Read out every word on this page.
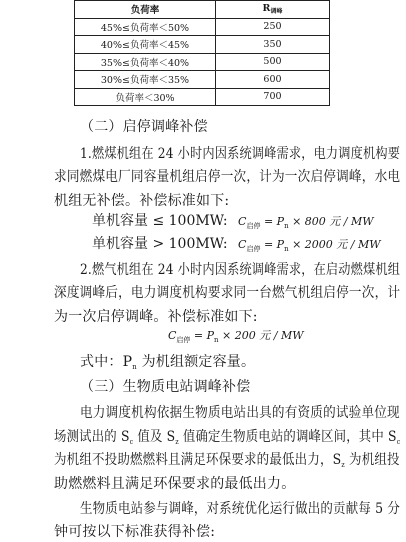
负荷率	$R_{调峰}$
45%≤负荷率＜50%	250
40%≤负荷率＜45%	350
35%≤负荷率＜40%	500
30%≤负荷率＜35%	600
负荷率＜30%	700
（二）启停调峰补偿
1.燃煤机组在 24 小时内因系统调峰需求，电力调度机构要
求同燃煤电厂同容量机组启停一次，计为一次启停调峰，水电
机组无补偿。补偿标准如下:
单机容量 ≤ 100MW: $C_{启停} = P_n \times 800$ 元 / MW
单机容量 > 100MW: $C_{启停} = P_n \times 2000$ 元 / MW
2.燃气机组在 24 小时内因系统调峰需求，在启动燃煤机组
深度调峰后，电力调度机构要求同一台燃气机组启停一次，计
为一次启停调峰。补偿标准如下:
$C_{启停} = P_n \times 200$ 元 / MW
式中：$P_n$ 为机组额定容量。
（三）生物质电站调峰补偿
电力调度机构依据生物质电站出具的有资质的试验单位现
场测试出的 $S_c$ 值及 $S_z$ 值确定生物质电站的调峰区间，其中 $S_c$
为机组不投助燃燃料且满足环保要求的最低出力，$S_z$ 为机组投
助燃燃料且满足环保要求的最低出力。
生物质电站参与调峰，对系统优化运行做出的贡献每 5 分
钟可按以下标准获得补偿:
